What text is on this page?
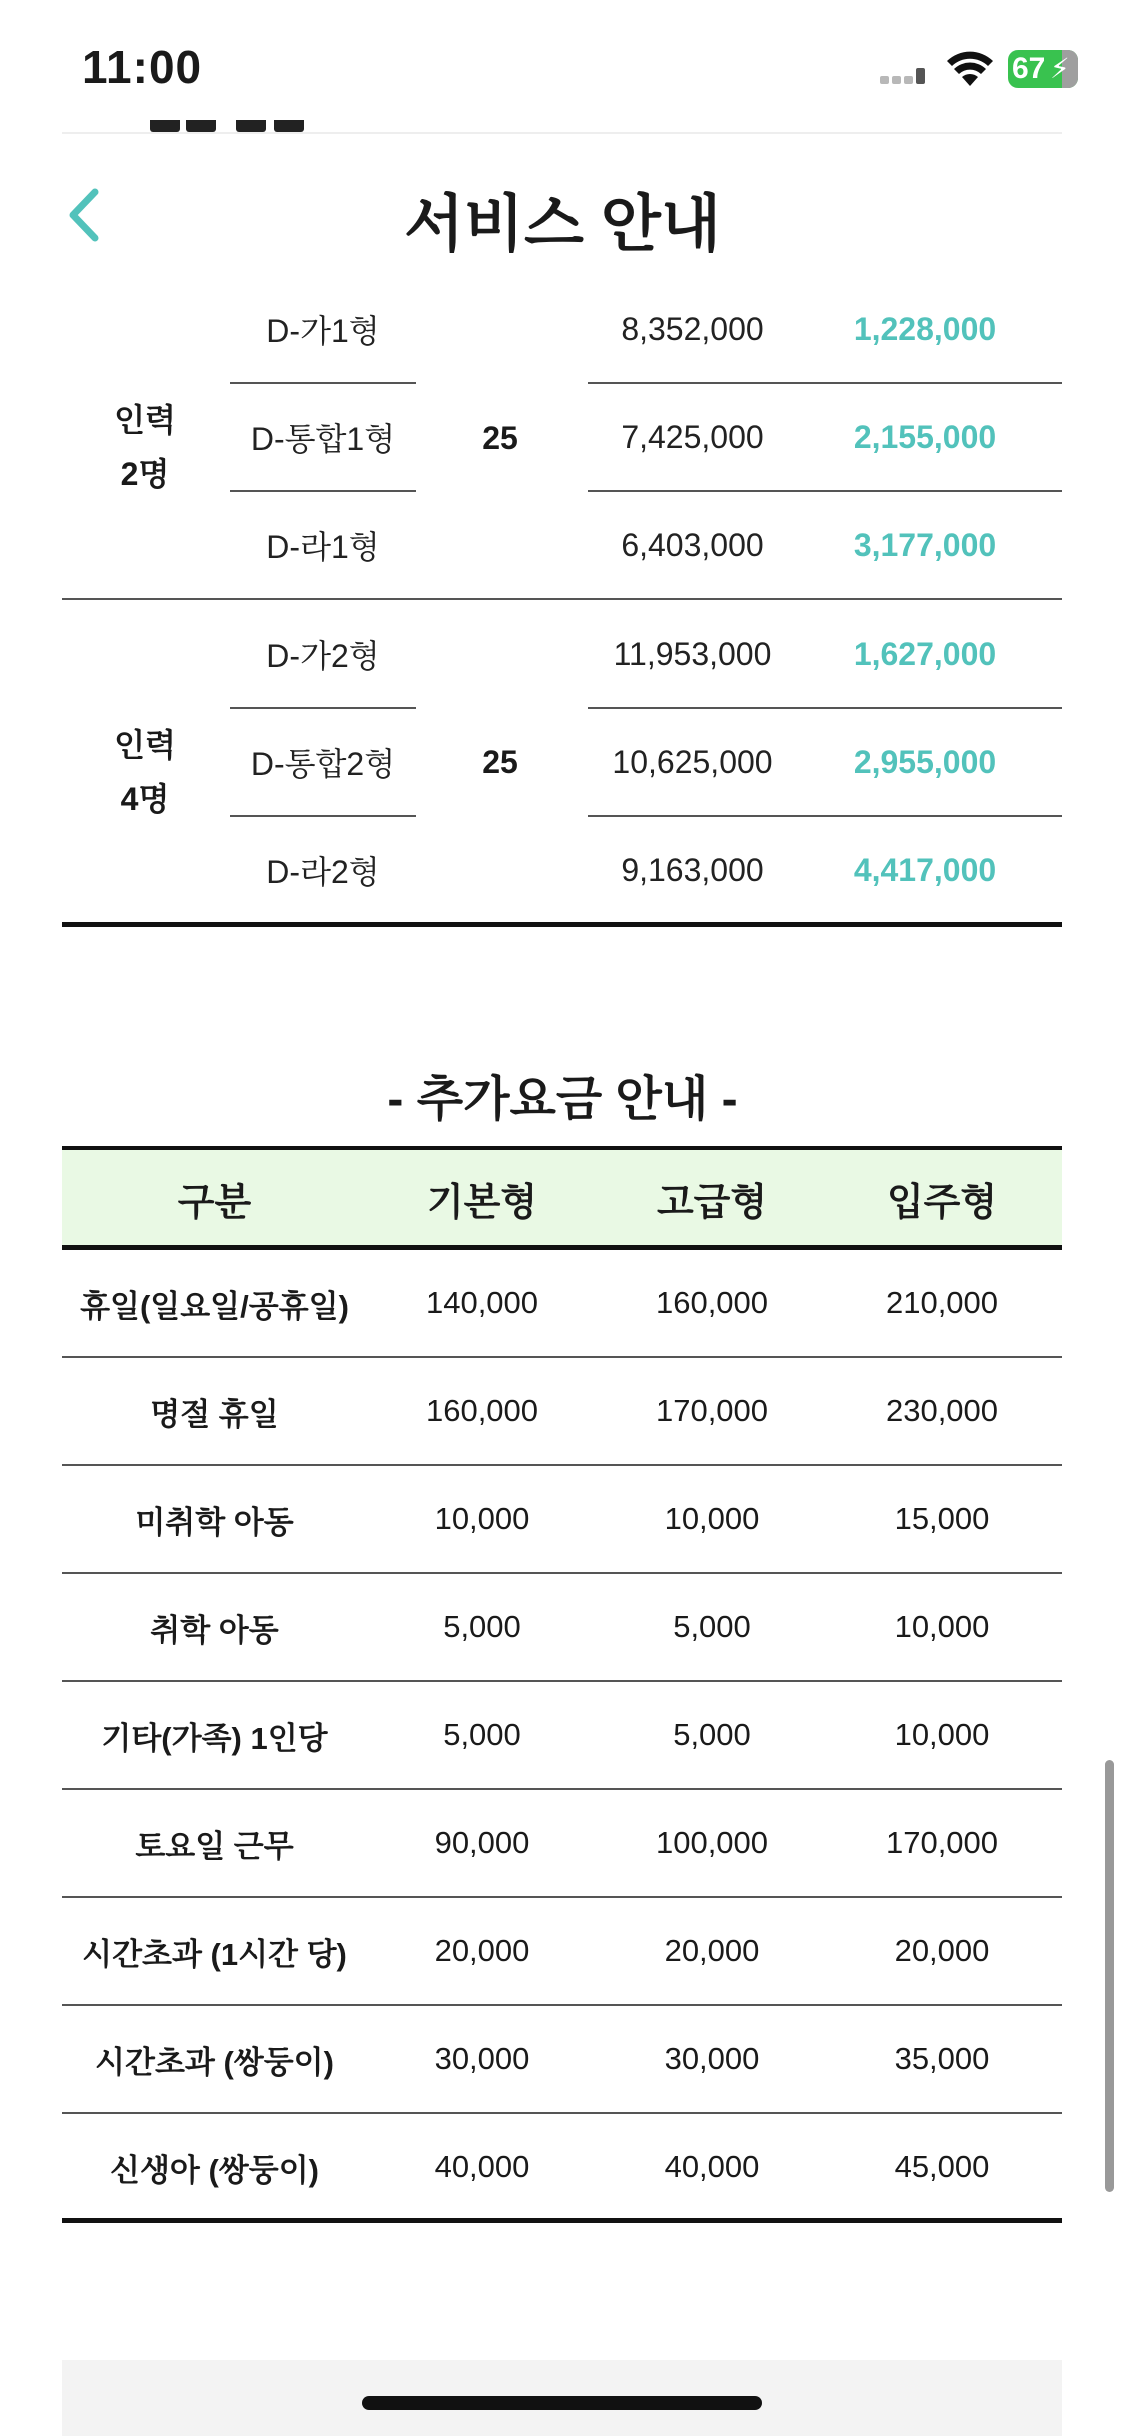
11:00	67 ⚡
서비스 안내
인력
2명
25
D-가1형	8,352,000	1,228,000
D-통합1형	7,425,000	2,155,000
D-라1형	6,403,000	3,177,000
인력
4명
25
D-가2형	11,953,000	1,627,000
D-통합2형	10,625,000	2,955,000
D-라2형	9,163,000	4,417,000
- 추가요금 안내 -
구분	기본형	고급형	입주형
휴일(일요일/공휴일)	140,000	160,000	210,000
명절 휴일	160,000	170,000	230,000
미취학 아동	10,000	10,000	15,000
취학 아동	5,000	5,000	10,000
기타(가족) 1인당	5,000	5,000	10,000
토요일 근무	90,000	100,000	170,000
시간초과 (1시간 당)	20,000	20,000	20,000
시간초과 (쌍둥이)	30,000	30,000	35,000
신생아 (쌍둥이)	40,000	40,000	45,000
